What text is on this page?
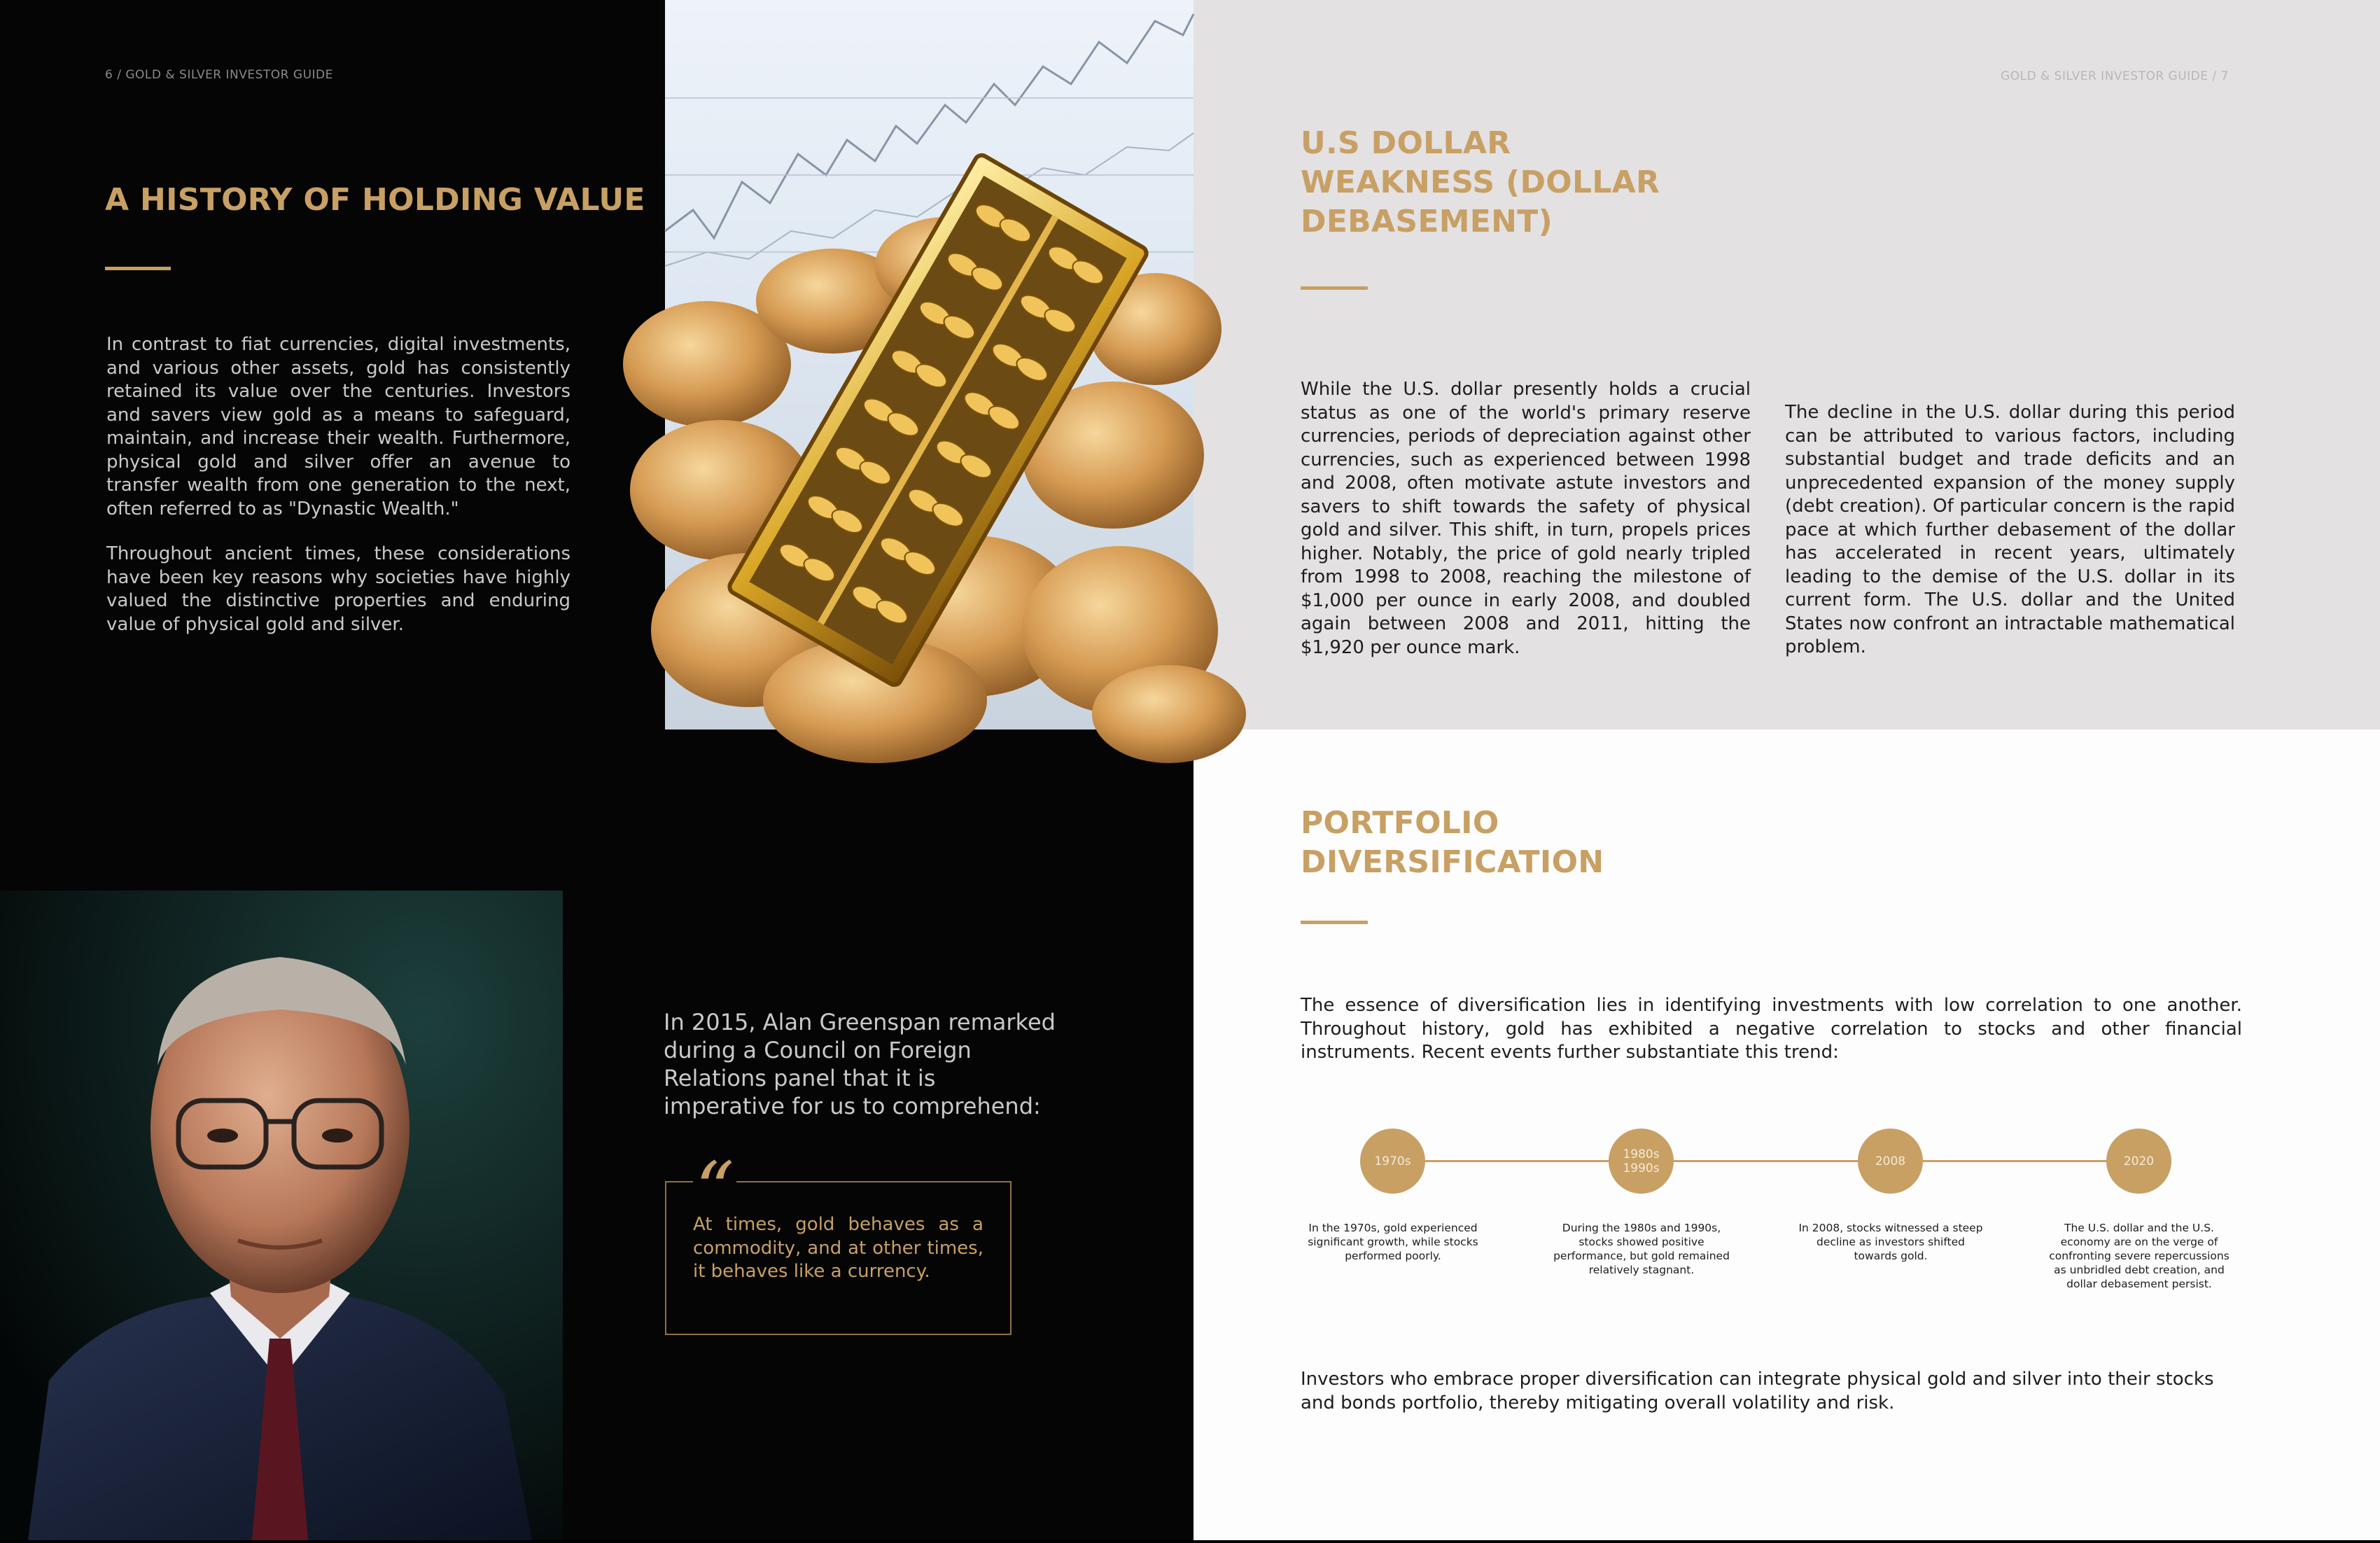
6 / GOLD & SILVER INVESTOR GUIDE
A HISTORY OF HOLDING VALUE
In contrast to fiat currencies, digital investments, and various other assets, gold has consistently retained its value over the centuries. Investors and savers view gold as a means to safeguard, maintain, and increase their wealth. Furthermore, physical gold and silver offer an avenue to transfer wealth from one generation to the next, often referred to as "Dynastic Wealth."
Throughout ancient times, these considerations have been key reasons why societies have highly valued the distinctive properties and enduring value of physical gold and silver.
In 2015, Alan Greenspan remarked during a Council on Foreign Relations panel that it is imperative for us to comprehend:
“
At times, gold behaves as a commodity, and at other times, it behaves like a currency.
GOLD & SILVER INVESTOR GUIDE / 7
U.S DOLLAR
WEAKNESS (DOLLAR
DEBASEMENT)
While the U.S. dollar presently holds a crucial status as one of the world's primary reserve currencies, periods of depreciation against other currencies, such as experienced between 1998 and 2008, often motivate astute investors and savers to shift towards the safety of physical gold and silver. This shift, in turn, propels prices higher. Notably, the price of gold nearly tripled from 1998 to 2008, reaching the milestone of $1,000 per ounce in early 2008, and doubled again between 2008 and 2011, hitting the $1,920 per ounce mark.
The decline in the U.S. dollar during this period can be attributed to various factors, including substantial budget and trade deficits and an unprecedented expansion of the money supply (debt creation). Of particular concern is the rapid pace at which further debasement of the dollar has accelerated in recent years, ultimately leading to the demise of the U.S. dollar in its current form. The U.S. dollar and the United States now confront an intractable mathematical problem.
PORTFOLIO
DIVERSIFICATION
The essence of diversification lies in identifying investments with low correlation to one another. Throughout history, gold has exhibited a negative correlation to stocks and other financial instruments. Recent events further substantiate this trend:
1970s	1980s
1990s	2008	2020
In the 1970s, gold experienced significant growth, while stocks performed poorly.
During the 1980s and 1990s, stocks showed positive performance, but gold remained relatively stagnant.
In 2008, stocks witnessed a steep decline as investors shifted towards gold.
The U.S. dollar and the U.S. economy are on the verge of confronting severe repercussions as unbridled debt creation, and dollar debasement persist.
Investors who embrace proper diversification can integrate physical gold and silver into their stocks and bonds portfolio, thereby mitigating overall volatility and risk.
